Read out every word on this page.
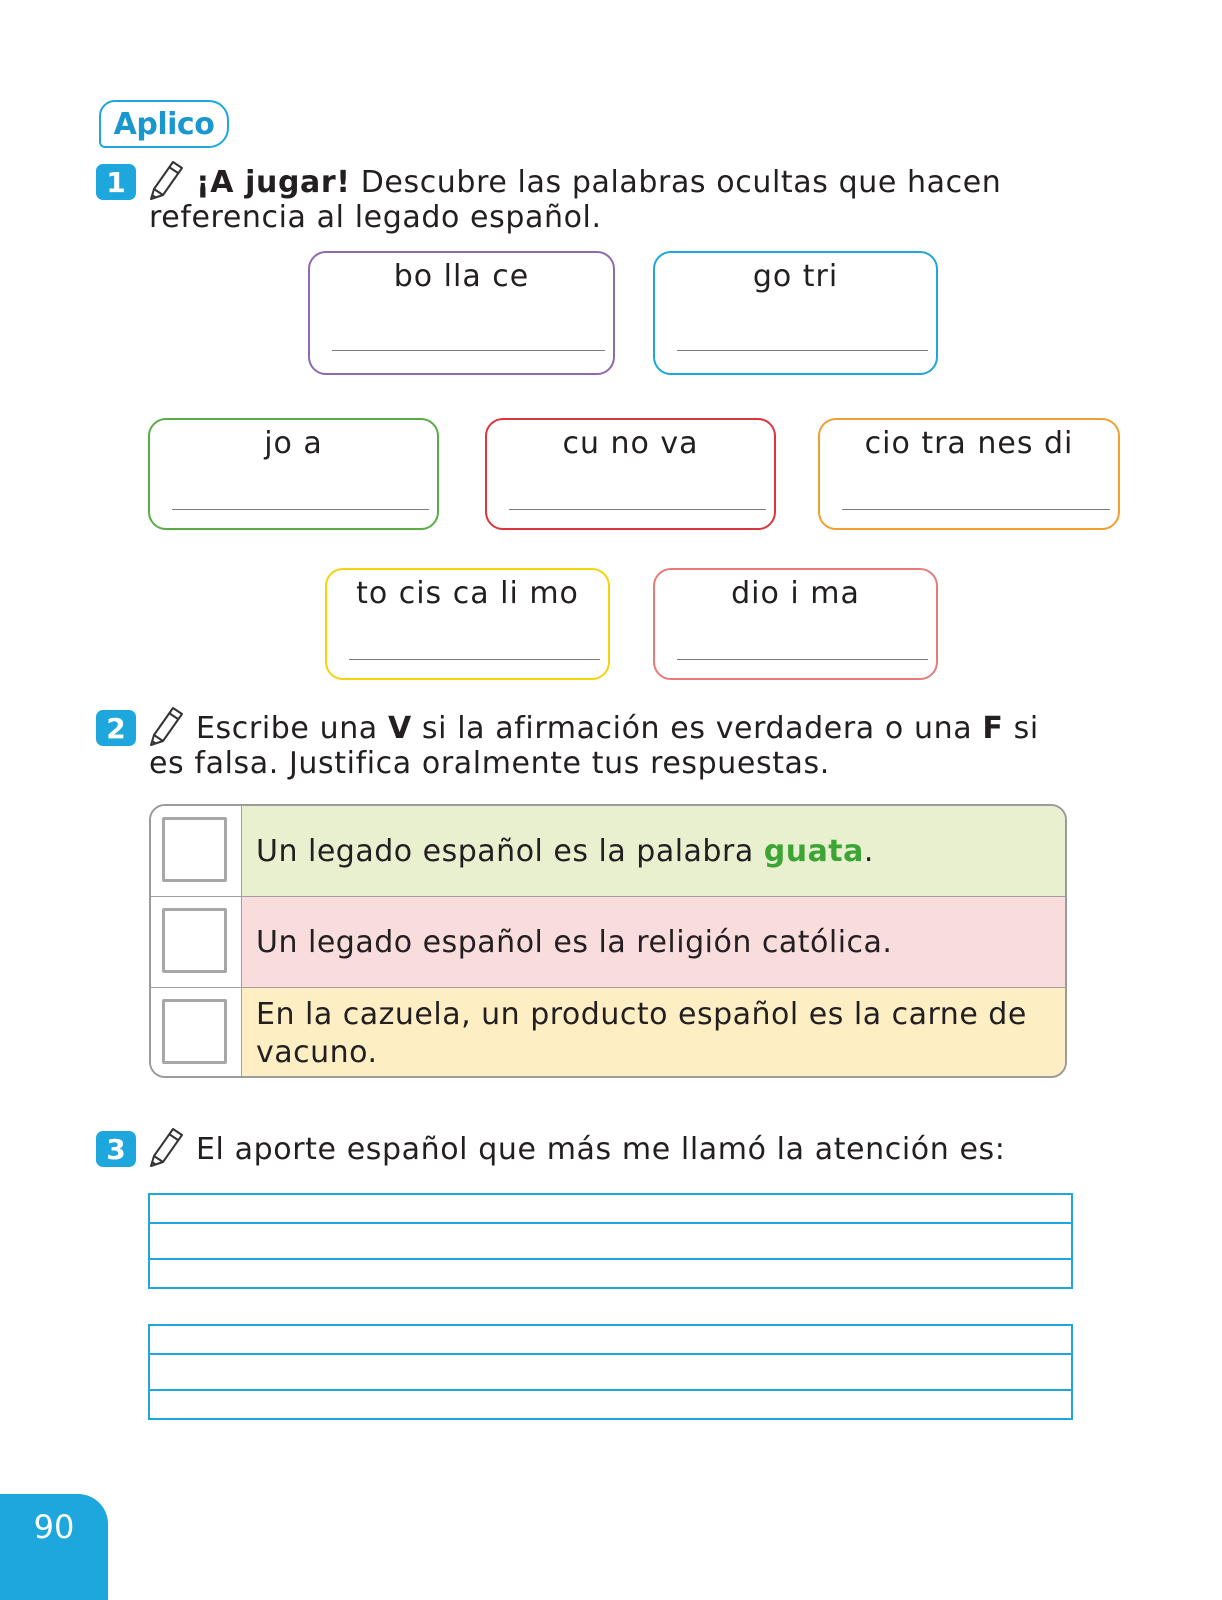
Aplico
1	¡A jugar! Descubre las palabras ocultas que hacen referencia al legado español.
bo lla ce	go tri
jo a	cu no va	cio tra nes di
to cis ca li mo	dio i ma
2	Escribe una V si la afirmación es verdadera o una F si es falsa. Justifica oralmente tus respuestas.
Un legado español es la palabra guata.
Un legado español es la religión católica.
En la cazuela, un producto español es la carne de vacuno.
3	El aporte español que más me llamó la atención es:
90
